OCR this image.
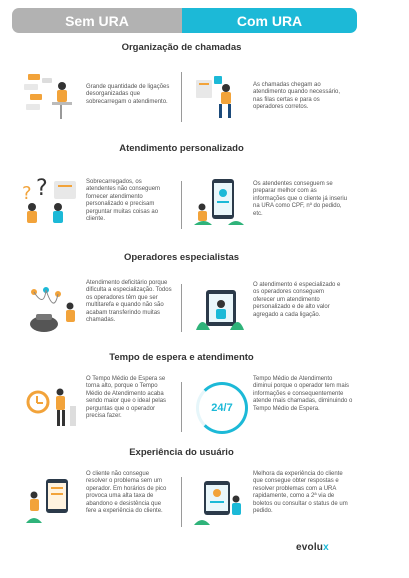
Sem URA	Com URA
Organização de chamadas
Grande quantidade de ligações desorganizadas que sobrecarregam o atendimento.
As chamadas chegam ao atendimento quando necessário, nas filas certas e para os operadores corretos.
Atendimento personalizado
? ?	Sobrecarregados, os atendentes não conseguem fornecer atendimento personalizado e precisam perguntar muitas coisas ao cliente.
Os atendentes conseguem se preparar melhor com as informações que o cliente já inseriu na URA como CPF, nº do pedido, etc.
Operadores especialistas
Atendimento deficitário porque dificulta a especialização. Todos os operadores têm que ser multitarefa e quando não são acabam transferindo muitas chamadas.
O atendimento é especializado e os operadores conseguem oferecer um atendimento personalizado e de alto valor agregado a cada ligação.
Tempo de espera e atendimento
O Tempo Médio de Espera se torna alto, porque o Tempo Médio de Atendimento acaba sendo maior que o ideal pelas perguntas que o operador precisa fazer.
24/7
Tempo Médio de Atendimento diminui porque o operador tem mais informações e consequentemente atende mais chamadas, diminuindo o Tempo Médio de Espera.
Experiência do usuário
O cliente não consegue resolver o problema sem um operador. Em horários de pico provoca uma alta taxa de abandono e desistência que fere a experiência do cliente.
Melhora da experiência do cliente que consegue obter respostas e resolver problemas com a URA rapidamente, como a 2ª via de boletos ou consultar o status de um pedido.
evolux
